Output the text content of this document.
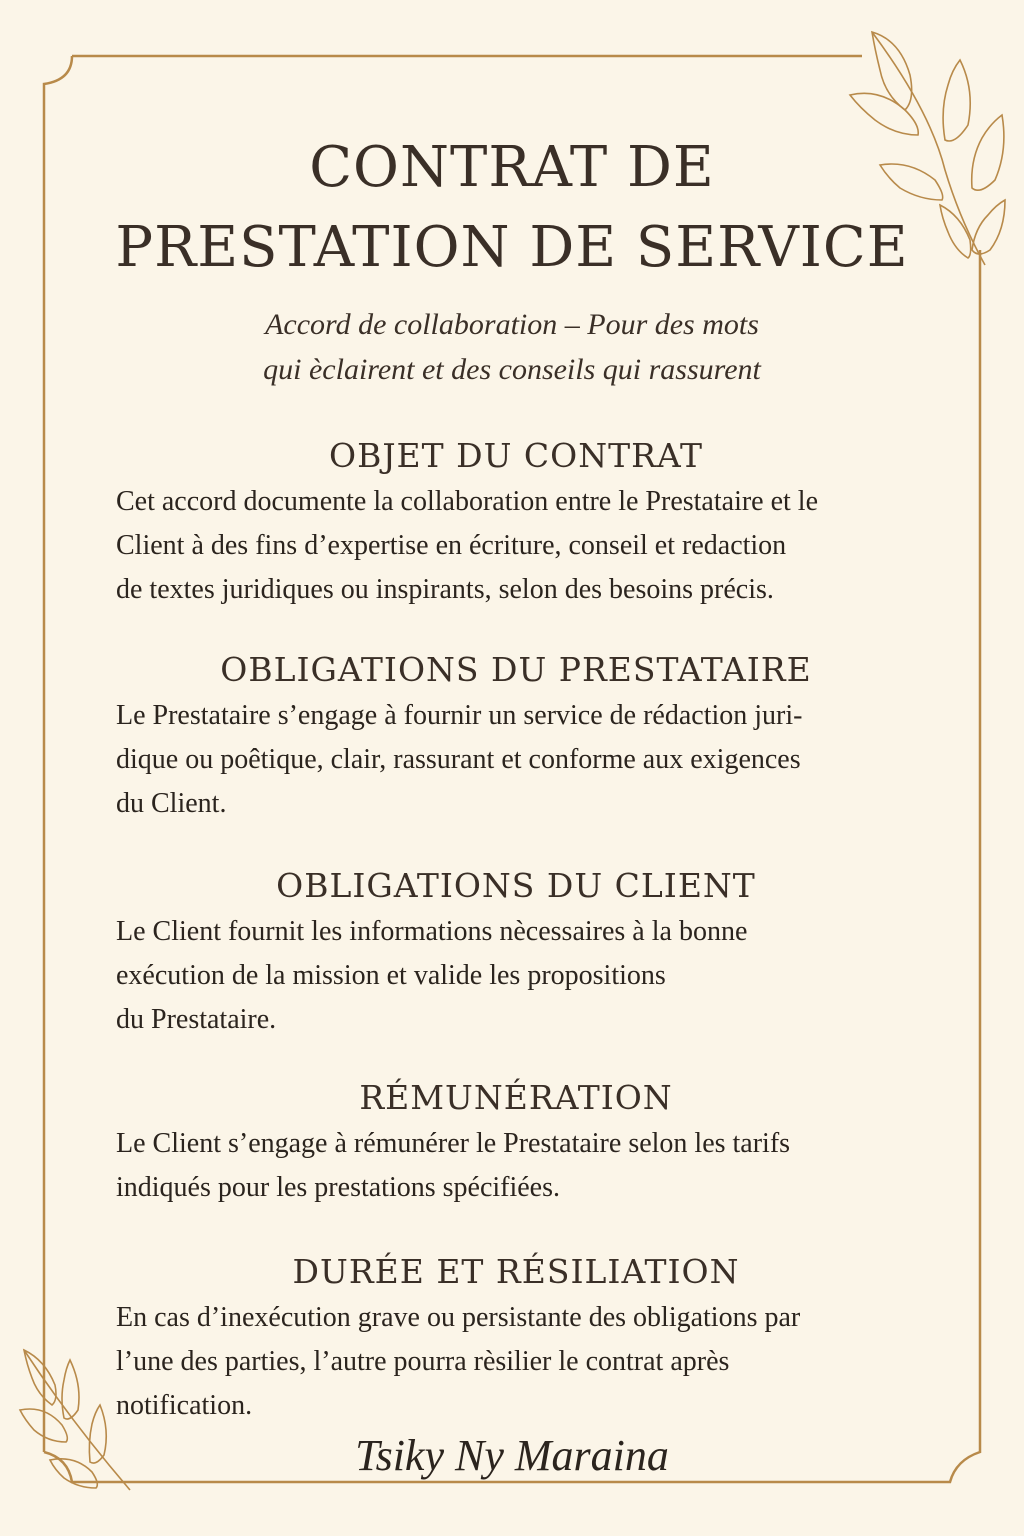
CONTRAT DE
PRESTATION DE SERVICE
Accord de collaboration – Pour des mots
qui èclairent et des conseils qui rassurent
OBJET DU CONTRAT

Cet accord documente la collaboration entre le Prestataire et le
Client à des fins d’expertise en écriture, conseil et redaction
de textes juridiques ou inspirants, selon des besoins précis.

OBLIGATIONS DU PRESTATAIRE

Le Prestataire s’engage à fournir un service de rédaction juri-
dique ou poêtique, clair, rassurant et conforme aux exigences
du Client.

OBLIGATIONS DU CLIENT

Le Client fournit les informations nècessaires à la bonne
exécution de la mission et valide les propositions
du Prestataire.

RÉMUNÉRATION

Le Client s’engage à rémunérer le Prestataire selon les tarifs
indiqués pour les prestations spécifiées.

DURÉE ET RÉSILIATION

En cas d’inexécution grave ou persistante des obligations par
l’une des parties, l’autre pourra rèsilier le contrat après
notification.

Tsiky Ny Maraina
